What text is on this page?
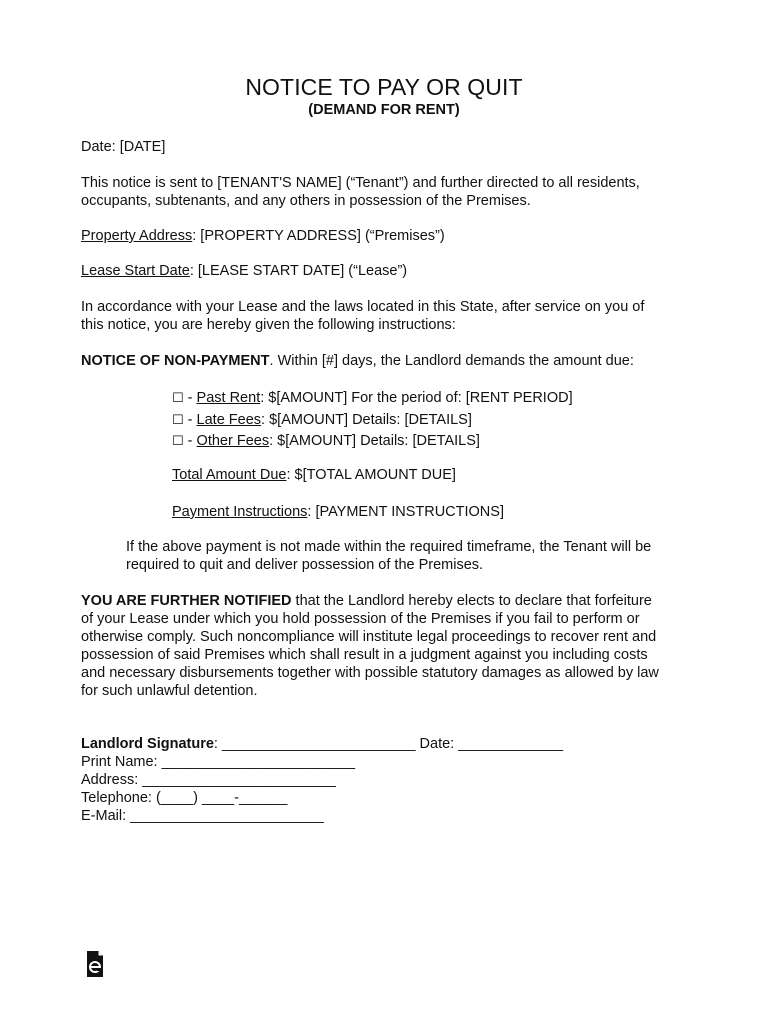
NOTICE TO PAY OR QUIT
(DEMAND FOR RENT)

Date: [DATE]

This notice is sent to [TENANT'S NAME] (“Tenant”) and further directed to all residents,
occupants, subtenants, and any others in possession of the Premises.

Property Address: [PROPERTY ADDRESS] (“Premises”)

Lease Start Date: [LEASE START DATE] (“Lease”)

In accordance with your Lease and the laws located in this State, after service on you of
this notice, you are hereby given the following instructions:

NOTICE OF NON-PAYMENT. Within [#] days, the Landlord demands the amount due:

☐ - Past Rent: $[AMOUNT] For the period of: [RENT PERIOD]
☐ - Late Fees: $[AMOUNT] Details: [DETAILS]
☐ - Other Fees: $[AMOUNT] Details: [DETAILS]

Total Amount Due: $[TOTAL AMOUNT DUE]

Payment Instructions: [PAYMENT INSTRUCTIONS]

If the above payment is not made within the required timeframe, the Tenant will be
required to quit and deliver possession of the Premises.

YOU ARE FURTHER NOTIFIED that the Landlord hereby elects to declare that forfeiture
of your Lease under which you hold possession of the Premises if you fail to perform or
otherwise comply. Such noncompliance will institute legal proceedings to recover rent and
possession of said Premises which shall result in a judgment against you including costs
and necessary disbursements together with possible statutory damages as allowed by law
for such unlawful detention.

Landlord Signature: ________________________ Date: _____________
Print Name: ________________________
Address: ________________________
Telephone: (____) ____-______
E-Mail: ________________________
